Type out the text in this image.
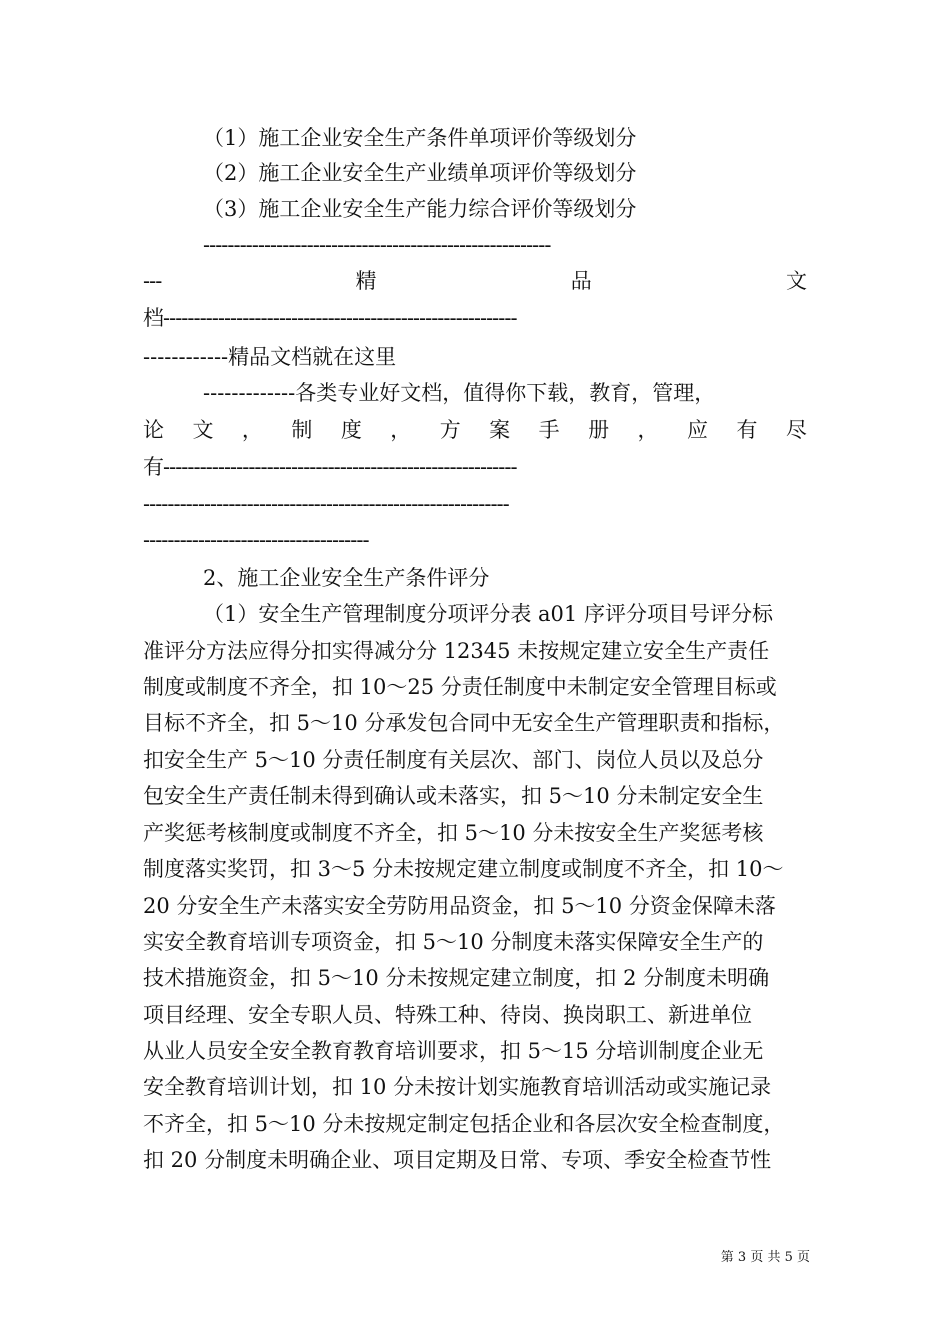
（1）施工企业安全生产条件单项评价等级划分
（2）施工企业安全生产业绩单项评价等级划分
（3）施工企业安全生产能力综合评价等级划分
---------------------------------------------------------
---	精	品	文
档----------------------------------------------------------
------------精品文档就在这里
-------------各类专业好文档，值得你下载，教育，管理，
论 文 ， 制 度 ， 方 案 手 册 ， 应 有 尽
有----------------------------------------------------------
------------------------------------------------------------
-------------------------------------
2、施工企业安全生产条件评分
（1）安全生产管理制度分项评分表 a01 序评分项目号评分标
准评分方法应得分扣实得减分分 12345 未按规定建立安全生产责任
制度或制度不齐全，扣 10～25 分责任制度中未制定安全管理目标或
目标不齐全，扣 5～10 分承发包合同中无安全生产管理职责和指标，
扣安全生产 5～10 分责任制度有关层次、部门、岗位人员以及总分
包安全生产责任制未得到确认或未落实，扣 5～10 分未制定安全生
产奖惩考核制度或制度不齐全，扣 5～10 分未按安全生产奖惩考核
制度落实奖罚，扣 3～5 分未按规定建立制度或制度不齐全，扣 10～
20 分安全生产未落实安全劳防用品资金，扣 5～10 分资金保障未落
实安全教育培训专项资金，扣 5～10 分制度未落实保障安全生产的
技术措施资金，扣 5～10 分未按规定建立制度，扣 2 分制度未明确
项目经理、安全专职人员、特殊工种、待岗、换岗职工、新进单位
从业人员安全安全教育教育培训要求，扣 5～15 分培训制度企业无
安全教育培训计划，扣 10 分未按计划实施教育培训活动或实施记录
不齐全，扣 5～10 分未按规定制定包括企业和各层次安全检查制度，
扣 20 分制度未明确企业、项目定期及日常、专项、季安全检查节性
第 3 页 共 5 页
